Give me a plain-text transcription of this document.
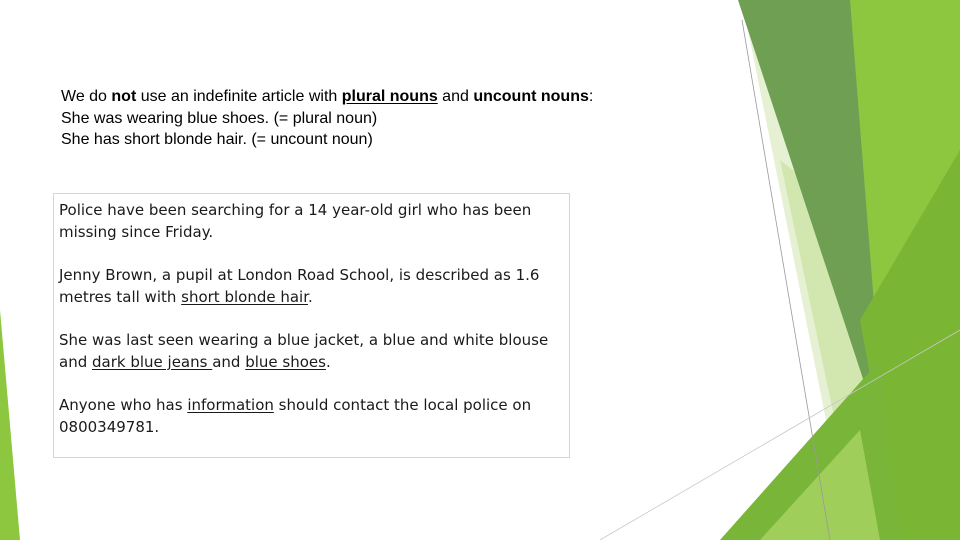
We do not use an indefinite article with plural nouns and uncount nouns:

She was wearing blue shoes. (= plural noun)

She has short blonde hair. (= uncount noun)

Police have been searching for a 14 year-old girl who has been missing since Friday.

Jenny Brown, a pupil at London Road School, is described as 1.6 metres tall with short blonde hair.

She was last seen wearing a blue jacket, a blue and white blouse and dark blue jeans and blue shoes.

Anyone who has information should contact the local police on 0800349781.
